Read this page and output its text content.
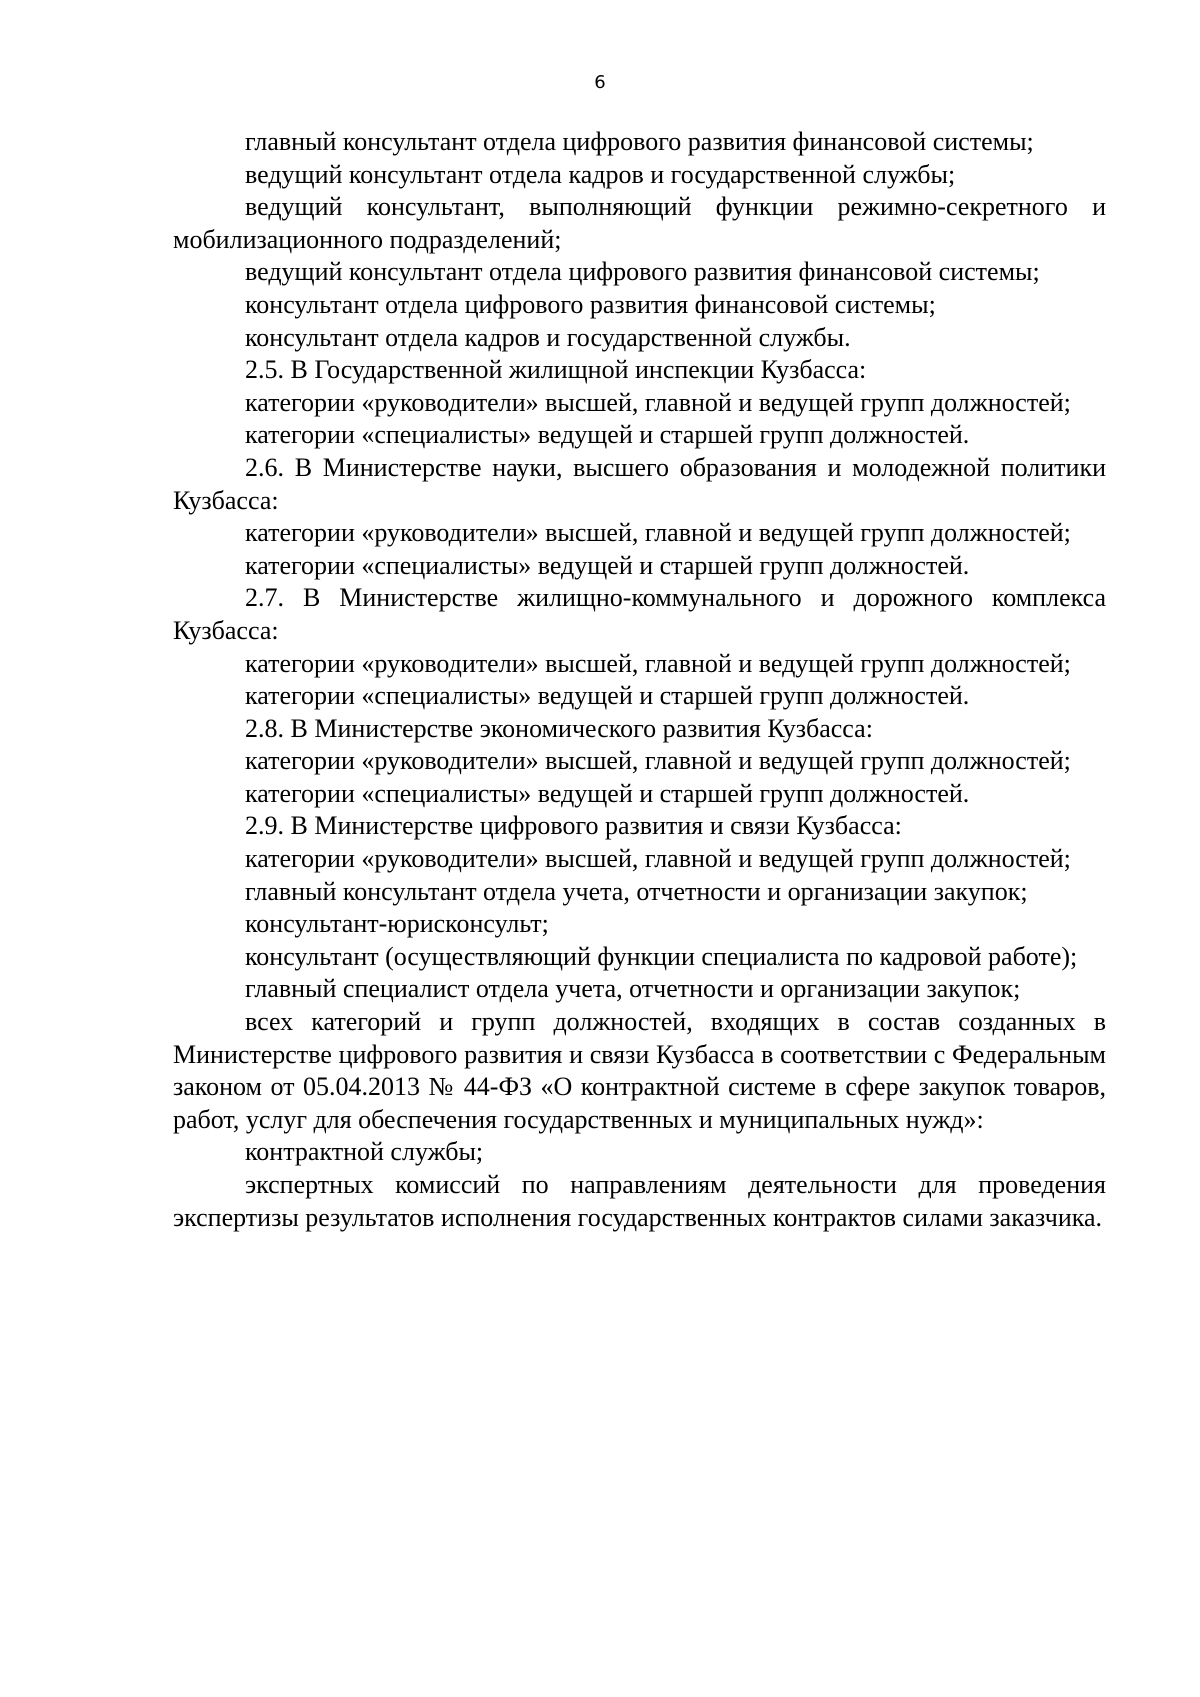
6

главный консультант отдела цифрового развития финансовой системы;

ведущий консультант отдела кадров и государственной службы;

ведущий консультант, выполняющий функции режимно-секретного и мобилизационного подразделений;

ведущий консультант отдела цифрового развития финансовой системы;

консультант отдела цифрового развития финансовой системы;

консультант отдела кадров и государственной службы.

2.5. В Государственной жилищной инспекции Кузбасса:

категории «руководители» высшей, главной и ведущей групп должностей;

категории «специалисты» ведущей и старшей групп должностей.

2.6. В Министерстве науки, высшего образования и молодежной политики Кузбасса:

категории «руководители» высшей, главной и ведущей групп должностей;

категории «специалисты» ведущей и старшей групп должностей.

2.7. В Министерстве жилищно-коммунального и дорожного комплекса Кузбасса:

категории «руководители» высшей, главной и ведущей групп должностей;

категории «специалисты» ведущей и старшей групп должностей.

2.8. В Министерстве экономического развития Кузбасса:

категории «руководители» высшей, главной и ведущей групп должностей;

категории «специалисты» ведущей и старшей групп должностей.

2.9. В Министерстве цифрового развития и связи Кузбасса:

категории «руководители» высшей, главной и ведущей групп должностей;

главный консультант отдела учета, отчетности и организации закупок;

консультант-юрисконсульт;

консультант (осуществляющий функции специалиста по кадровой работе);

главный специалист отдела учета, отчетности и организации закупок;

всех категорий и групп должностей, входящих в состав созданных в Министерстве цифрового развития и связи Кузбасса в соответствии с Федеральным законом от 05.04.2013 № 44-ФЗ «О контрактной системе в сфере закупок товаров, работ, услуг для обеспечения государственных и муниципальных нужд»:

контрактной службы;

экспертных комиссий по направлениям деятельности для проведения экспертизы результатов исполнения государственных контрактов силами заказчика.
